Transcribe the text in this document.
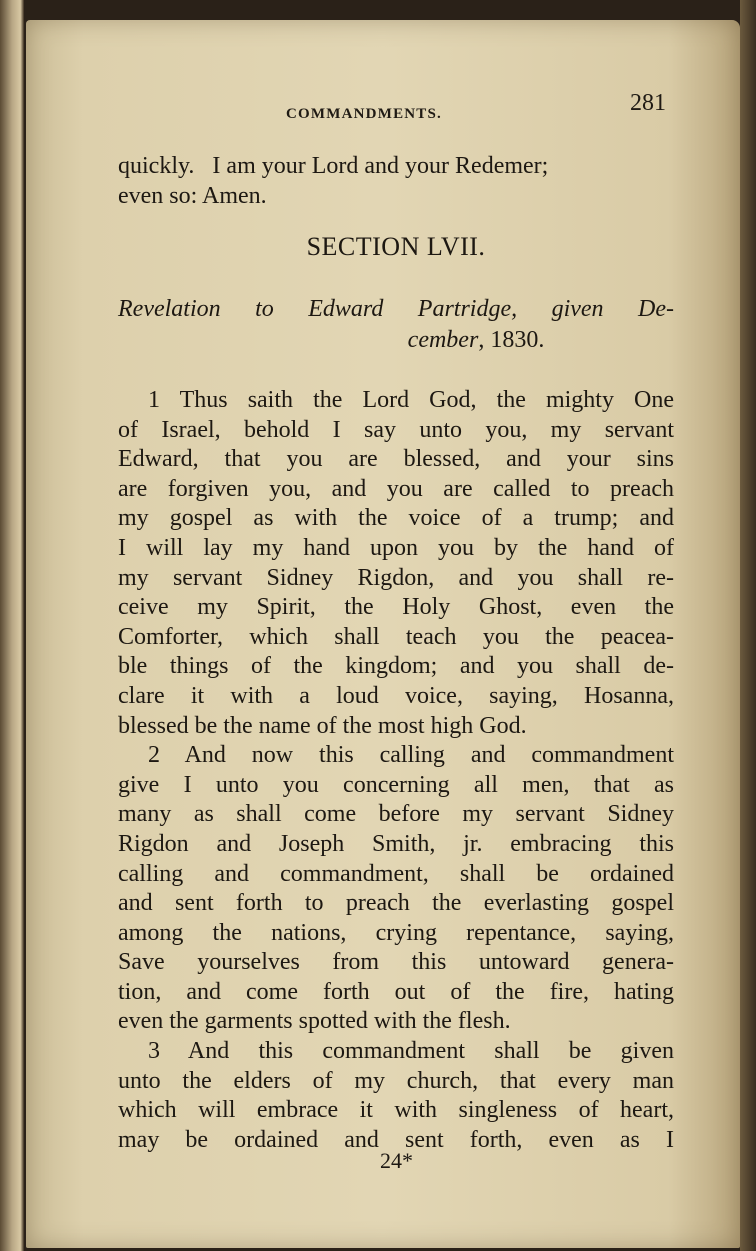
COMMANDMENTS.	281
quickly.   I am your Lord and your Redemer;
even so: Amen.
SECTION LVII.
Revelation to Edward Partridge, given De-
cember, 1830.
1 Thus saith the Lord God, the mighty One
of Israel, behold I say unto you, my servant
Edward, that you are blessed, and your sins
are forgiven you, and you are called to preach
my gospel as with the voice of a trump; and
I will lay my hand upon you by the hand of
my servant Sidney Rigdon, and you shall re-
ceive my Spirit, the Holy Ghost, even the
Comforter, which shall teach you the peacea-
ble things of the kingdom; and you shall de-
clare it with a loud voice, saying, Hosanna,
blessed be the name of the most high God.
2 And now this calling and commandment
give I unto you concerning all men, that as
many as shall come before my servant Sidney
Rigdon and Joseph Smith, jr. embracing this
calling and commandment, shall be ordained
and sent forth to preach the everlasting gospel
among the nations, crying repentance, saying,
Save yourselves from this untoward genera-
tion, and come forth out of the fire, hating
even the garments spotted with the flesh.
3 And this commandment shall be given
unto the elders of my church, that every man
which will embrace it with singleness of heart,
may be ordained and sent forth, even as I
24*
